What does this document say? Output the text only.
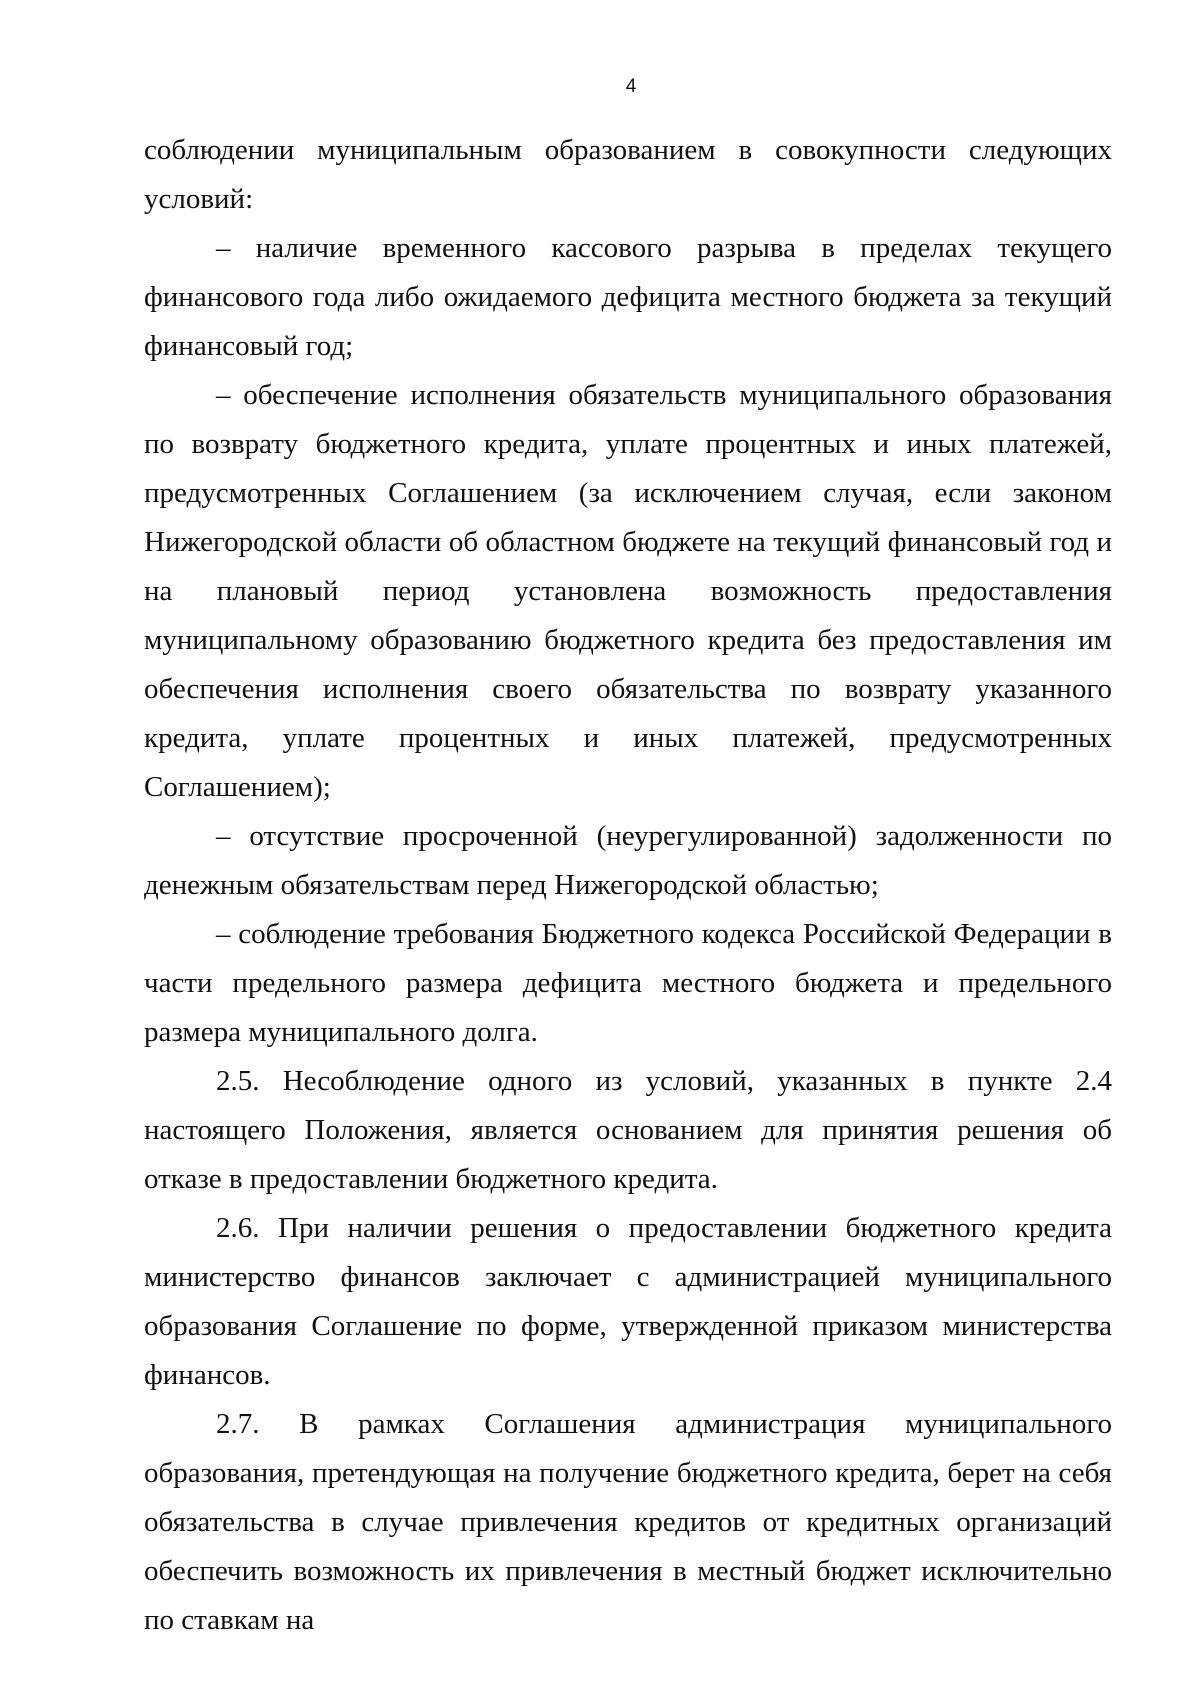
4

соблюдении муниципальным образованием в совокупности следующих условий:

– наличие временного кассового разрыва в пределах текущего финансового года либо ожидаемого дефицита местного бюджета за текущий финансовый год;

– обеспечение исполнения обязательств муниципального образования по возврату бюджетного кредита, уплате процентных и иных платежей, предусмотренных Соглашением (за исключением случая, если законом Нижегородской области об областном бюджете на текущий финансовый год и на плановый период установлена возможность предоставления муниципальному образованию бюджетного кредита без предоставления им обеспечения исполнения своего обязательства по возврату указанного кредита, уплате процентных и иных платежей, предусмотренных Соглашением);

– отсутствие просроченной (неурегулированной) задолженности по денежным обязательствам перед Нижегородской областью;

– соблюдение требования Бюджетного кодекса Российской Федерации в части предельного размера дефицита местного бюджета и предельного размера муниципального долга.

2.5. Несоблюдение одного из условий, указанных в пункте 2.4 настоящего Положения, является основанием для принятия решения об отказе в предоставлении бюджетного кредита.

2.6. При наличии решения о предоставлении бюджетного кредита министерство финансов заключает с администрацией муниципального образования Соглашение по форме, утвержденной приказом министерства финансов.

2.7. В рамках Соглашения администрация муниципального образования, претендующая на получение бюджетного кредита, берет на себя обязательства в случае привлечения кредитов от кредитных организаций обеспечить возможность их привлечения в местный бюджет исключительно по ставкам на
